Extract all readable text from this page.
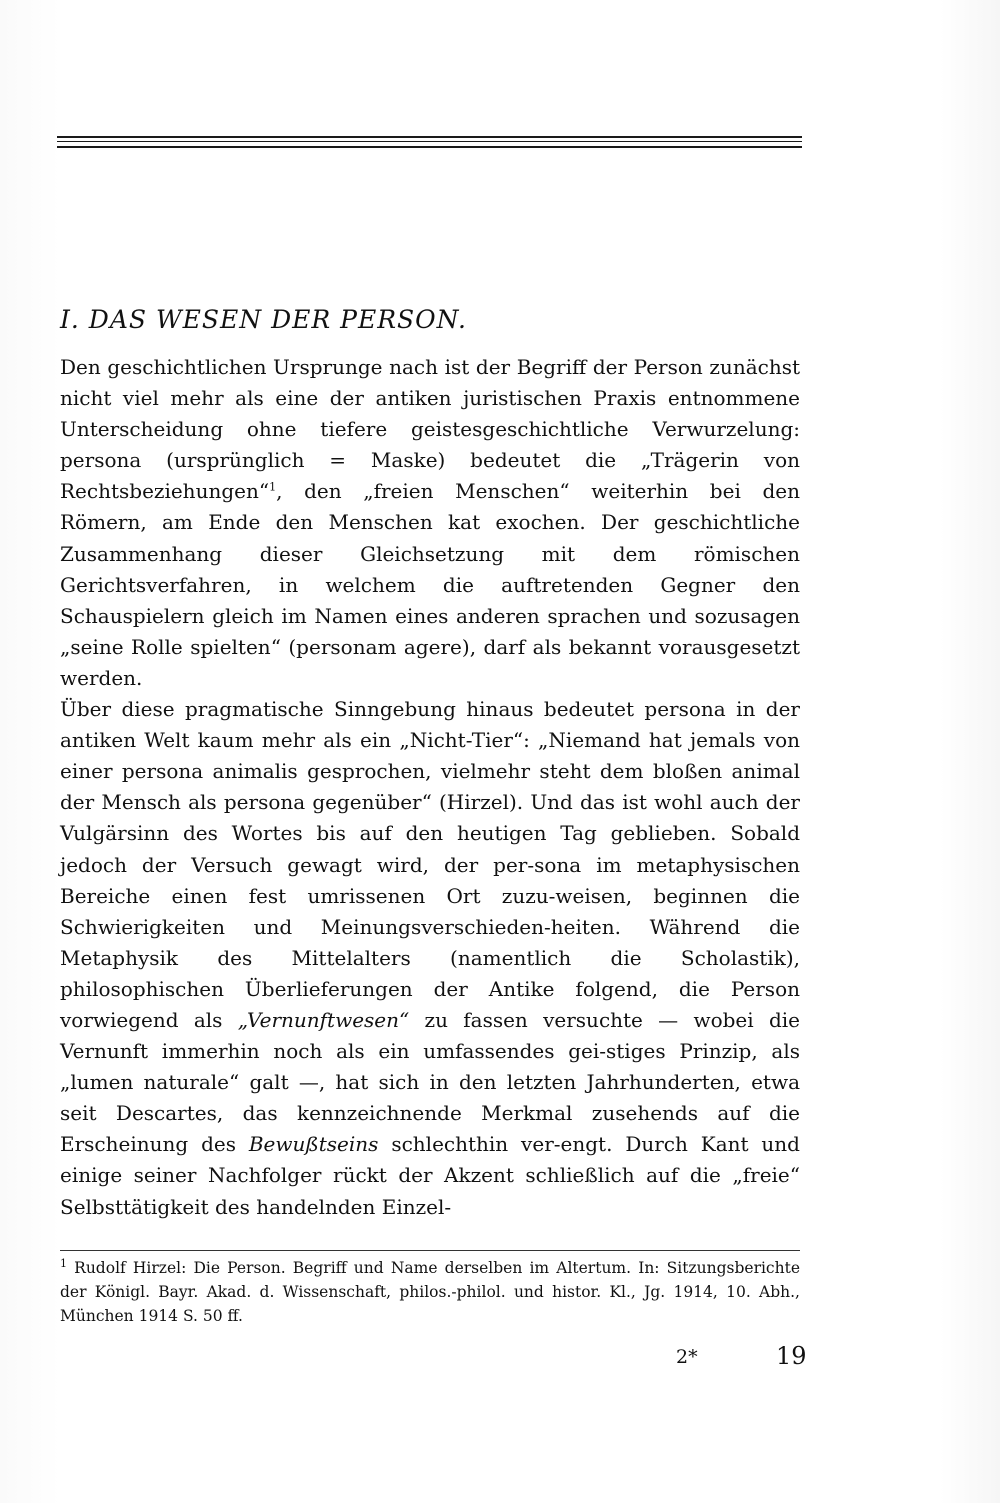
I. DAS WESEN DER PERSON.

Den geschichtlichen Ursprunge nach ist der Begriff der Person zunächst nicht viel mehr als eine der antiken juristischen Praxis entnommene Unterscheidung ohne tiefere geistesgeschichtliche Verwurzelung: persona (ursprünglich = Maske) bedeutet die „Trägerin von Rechtsbeziehungen“$^1$, den „freien Menschen“ weiterhin bei den Römern, am Ende den Menschen kat exochen. Der geschichtliche Zusammenhang dieser Gleichsetzung mit dem römischen Gerichtsverfahren, in welchem die auftretenden Gegner den Schauspielern gleich im Namen eines anderen sprachen und sozusagen „seine Rolle spielten“ (personam agere), darf als bekannt vorausgesetzt werden.

Über diese pragmatische Sinngebung hinaus bedeutet persona in der antiken Welt kaum mehr als ein „Nicht-Tier“: „Niemand hat jemals von einer persona animalis gesprochen, vielmehr steht dem bloßen animal der Mensch als persona gegenüber“ (Hirzel). Und das ist wohl auch der Vulgärsinn des Wortes bis auf den heutigen Tag geblieben. Sobald jedoch der Versuch gewagt wird, der per-sona im metaphysischen Bereiche einen fest umrissenen Ort zuzu-weisen, beginnen die Schwierigkeiten und Meinungsverschieden-heiten. Während die Metaphysik des Mittelalters (namentlich die Scholastik), philosophischen Überlieferungen der Antike folgend, die Person vorwiegend als „Vernunftwesen“ zu fassen versuchte — wobei die Vernunft immerhin noch als ein umfassendes gei-stiges Prinzip, als „lumen naturale“ galt —, hat sich in den letzten Jahrhunderten, etwa seit Descartes, das kennzeichnende Merkmal zusehends auf die Erscheinung des Bewußtseins schlechthin ver-engt. Durch Kant und einige seiner Nachfolger rückt der Akzent schließlich auf die „freie“ Selbsttätigkeit des handelnden Einzel-

$^1$ Rudolf Hirzel: Die Person. Begriff und Name derselben im Altertum. In: Sitzungsberichte der Königl. Bayr. Akad. d. Wissenschaft, philos.-philol. und histor. Kl., Jg. 1914, 10. Abh., München 1914 S. 50 ff.

2*	19
